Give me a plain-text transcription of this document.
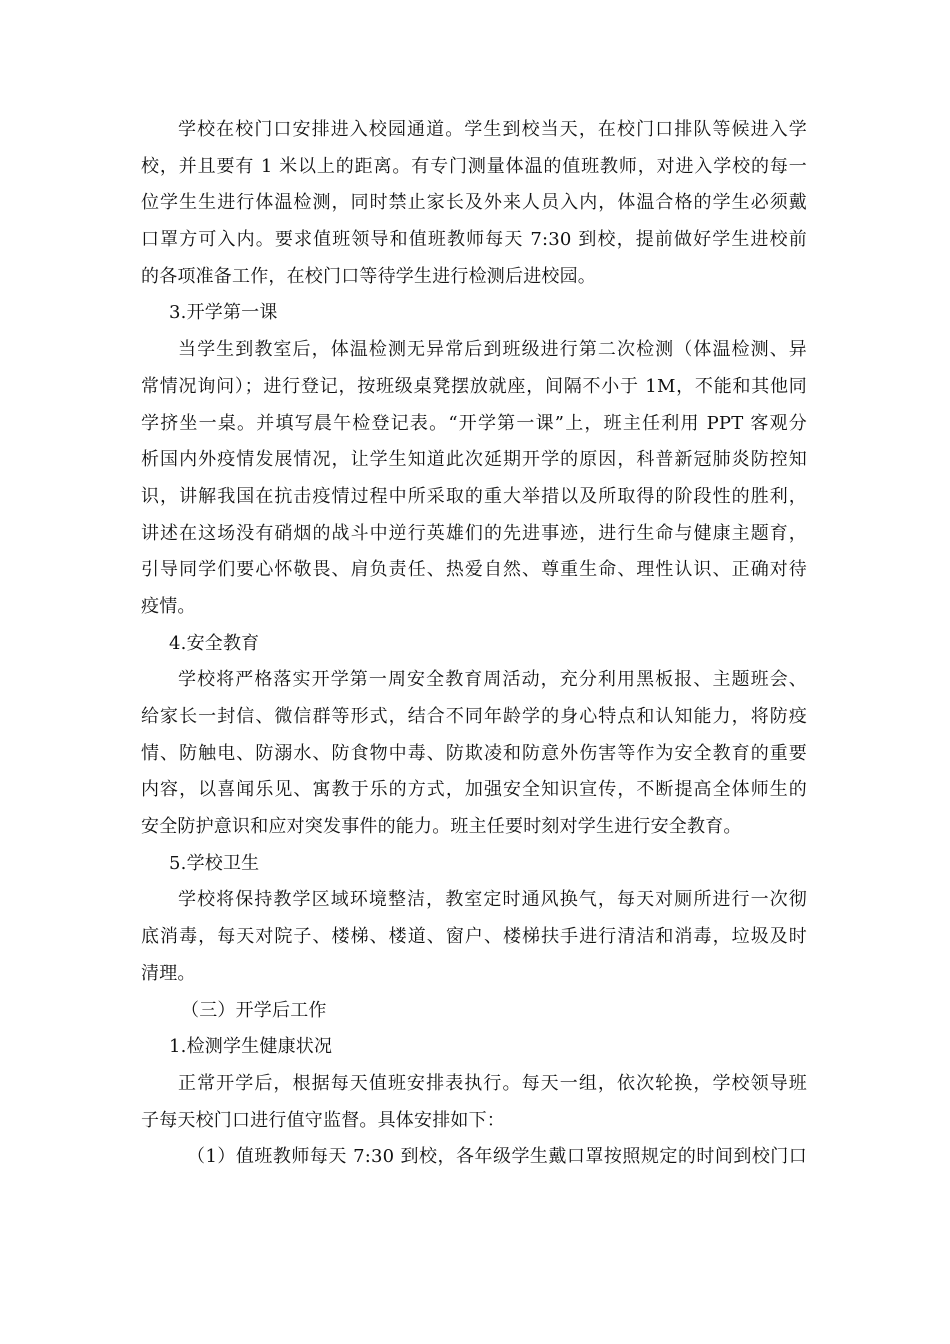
学校在校门口安排进入校园通道。学生到校当天，在校门口排队等候进入学
校，并且要有 1 米以上的距离。有专门测量体温的值班教师，对进入学校的每一
位学生生进行体温检测，同时禁止家长及外来人员入内，体温合格的学生必须戴
口罩方可入内。要求值班领导和值班教师每天 7:30 到校，提前做好学生进校前
的各项准备工作，在校门口等待学生进行检测后进校园。
3.开学第一课
当学生到教室后，体温检测无异常后到班级进行第二次检测（体温检测、异
常情况询问）；进行登记，按班级桌凳摆放就座，间隔不小于 1M，不能和其他同
学挤坐一桌。并填写晨午检登记表。“开学第一课”上，班主任利用 PPT 客观分
析国内外疫情发展情况，让学生知道此次延期开学的原因，科普新冠肺炎防控知
识，讲解我国在抗击疫情过程中所采取的重大举措以及所取得的阶段性的胜利，
讲述在这场没有硝烟的战斗中逆行英雄们的先进事迹，进行生命与健康主题育，
引导同学们要心怀敬畏、肩负责任、热爱自然、尊重生命、理性认识、正确对待
疫情。
4.安全教育
学校将严格落实开学第一周安全教育周活动，充分利用黑板报、主题班会、
给家长一封信、微信群等形式，结合不同年龄学的身心特点和认知能力，将防疫
情、防触电、防溺水、防食物中毒、防欺凌和防意外伤害等作为安全教育的重要
内容，以喜闻乐见、寓教于乐的方式，加强安全知识宣传，不断提高全体师生的
安全防护意识和应对突发事件的能力。班主任要时刻对学生进行安全教育。
5.学校卫生
学校将保持教学区域环境整洁，教室定时通风换气，每天对厕所进行一次彻
底消毒，每天对院子、楼梯、楼道、窗户、楼梯扶手进行清洁和消毒，垃圾及时
清理。
（三）开学后工作
1.检测学生健康状况
正常开学后，根据每天值班安排表执行。每天一组，依次轮换，学校领导班
子每天校门口进行值守监督。具体安排如下：
（1）值班教师每天 7:30 到校，各年级学生戴口罩按照规定的时间到校门口
